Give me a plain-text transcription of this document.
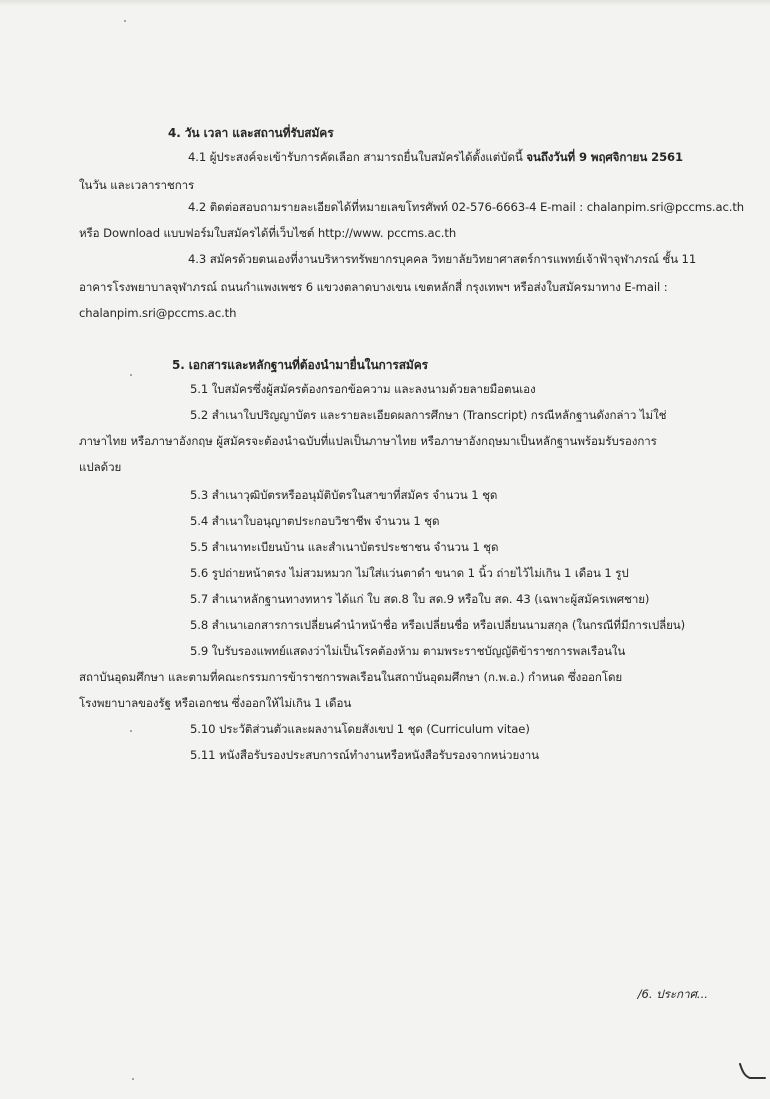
4. วัน เวลา และสถานที่รับสมัคร
4.1 ผู้ประสงค์จะเข้ารับการคัดเลือก สามารถยื่นใบสมัครได้ตั้งแต่บัดนี้ จนถึงวันที่ 9 พฤศจิกายน 2561
ในวัน และเวลาราชการ
4.2 ติดต่อสอบถามรายละเอียดได้ที่หมายเลขโทรศัพท์ 02-576-6663-4 E-mail : chalanpim.sri@pccms.ac.th
หรือ Download แบบฟอร์มใบสมัครได้ที่เว็บไซต์ http://www. pccms.ac.th
4.3 สมัครด้วยตนเองที่งานบริหารทรัพยากรบุคคล วิทยาลัยวิทยาศาสตร์การแพทย์เจ้าฟ้าจุฬาภรณ์ ชั้น 11
อาคารโรงพยาบาลจุฬาภรณ์ ถนนกำแพงเพชร 6 แขวงตลาดบางเขน เขตหลักสี่ กรุงเทพฯ หรือส่งใบสมัครมาทาง E-mail :
chalanpim.sri@pccms.ac.th
5. เอกสารและหลักฐานที่ต้องนำมายื่นในการสมัคร
5.1 ใบสมัครซึ่งผู้สมัครต้องกรอกข้อความ และลงนามด้วยลายมือตนเอง
5.2 สำเนาใบปริญญาบัตร และรายละเอียดผลการศึกษา (Transcript) กรณีหลักฐานดังกล่าว ไม่ใช่
ภาษาไทย หรือภาษาอังกฤษ ผู้สมัครจะต้องนำฉบับที่แปลเป็นภาษาไทย หรือภาษาอังกฤษมาเป็นหลักฐานพร้อมรับรองการ
แปลด้วย
5.3 สำเนาวุฒิบัตรหรืออนุมัติบัตรในสาขาที่สมัคร จำนวน 1 ชุด
5.4 สำเนาใบอนุญาตประกอบวิชาชีพ จำนวน 1 ชุด
5.5 สำเนาทะเบียนบ้าน และสำเนาบัตรประชาชน จำนวน 1 ชุด
5.6 รูปถ่ายหน้าตรง ไม่สวมหมวก ไม่ใส่แว่นตาดำ ขนาด 1 นิ้ว ถ่ายไว้ไม่เกิน 1 เดือน 1 รูป
5.7 สำเนาหลักฐานทางทหาร ได้แก่ ใบ สด.8 ใบ สด.9 หรือใบ สด. 43 (เฉพาะผู้สมัครเพศชาย)
5.8 สำเนาเอกสารการเปลี่ยนคำนำหน้าชื่อ หรือเปลี่ยนชื่อ หรือเปลี่ยนนามสกุล (ในกรณีที่มีการเปลี่ยน)
5.9 ใบรับรองแพทย์แสดงว่าไม่เป็นโรคต้องห้าม ตามพระราชบัญญัติข้าราชการพลเรือนใน
สถาบันอุดมศึกษา และตามที่คณะกรรมการข้าราชการพลเรือนในสถาบันอุดมศึกษา (ก.พ.อ.) กำหนด ซึ่งออกโดย
โรงพยาบาลของรัฐ หรือเอกชน ซึ่งออกให้ไม่เกิน 1 เดือน
5.10 ประวัติส่วนตัวและผลงานโดยสังเขป 1 ชุด (Curriculum vitae)
5.11 หนังสือรับรองประสบการณ์ทำงานหรือหนังสือรับรองจากหน่วยงาน
/6. ประกาศ...
